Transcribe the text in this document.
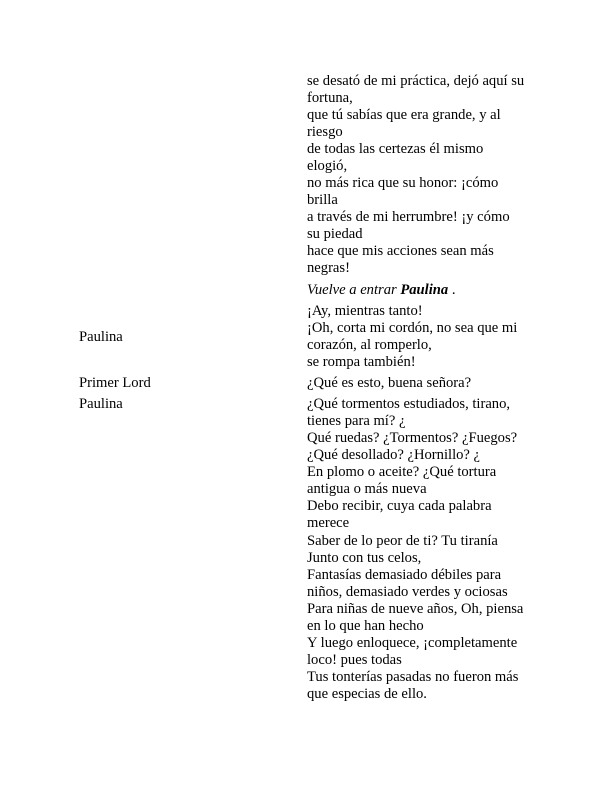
se desató de mi práctica, dejó aquí su
fortuna,
que tú sabías que era grande, y al
riesgo
de todas las certezas él mismo
elogió,
no más rica que su honor: ¡cómo
brilla
a través de mi herrumbre! ¡y cómo
su piedad
hace que mis acciones sean más
negras!
Vuelve a entrar Paulina .
Paulina
¡Ay, mientras tanto!
¡Oh, corta mi cordón, no sea que mi
corazón, al romperlo,
se rompa también!
Primer Lord	¿Qué es esto, buena señora?
Paulina	¿Qué tormentos estudiados, tirano,
tienes para mí? ¿
Qué ruedas? ¿Tormentos? ¿Fuegos?
¿Qué desollado? ¿Hornillo? ¿
En plomo o aceite? ¿Qué tortura
antigua o más nueva
Debo recibir, cuya cada palabra
merece
Saber de lo peor de ti? Tu tiranía
Junto con tus celos,
Fantasías demasiado débiles para
niños, demasiado verdes y ociosas
Para niñas de nueve años, Oh, piensa
en lo que han hecho
Y luego enloquece, ¡completamente
loco! pues todas
Tus tonterías pasadas no fueron más
que especias de ello.
